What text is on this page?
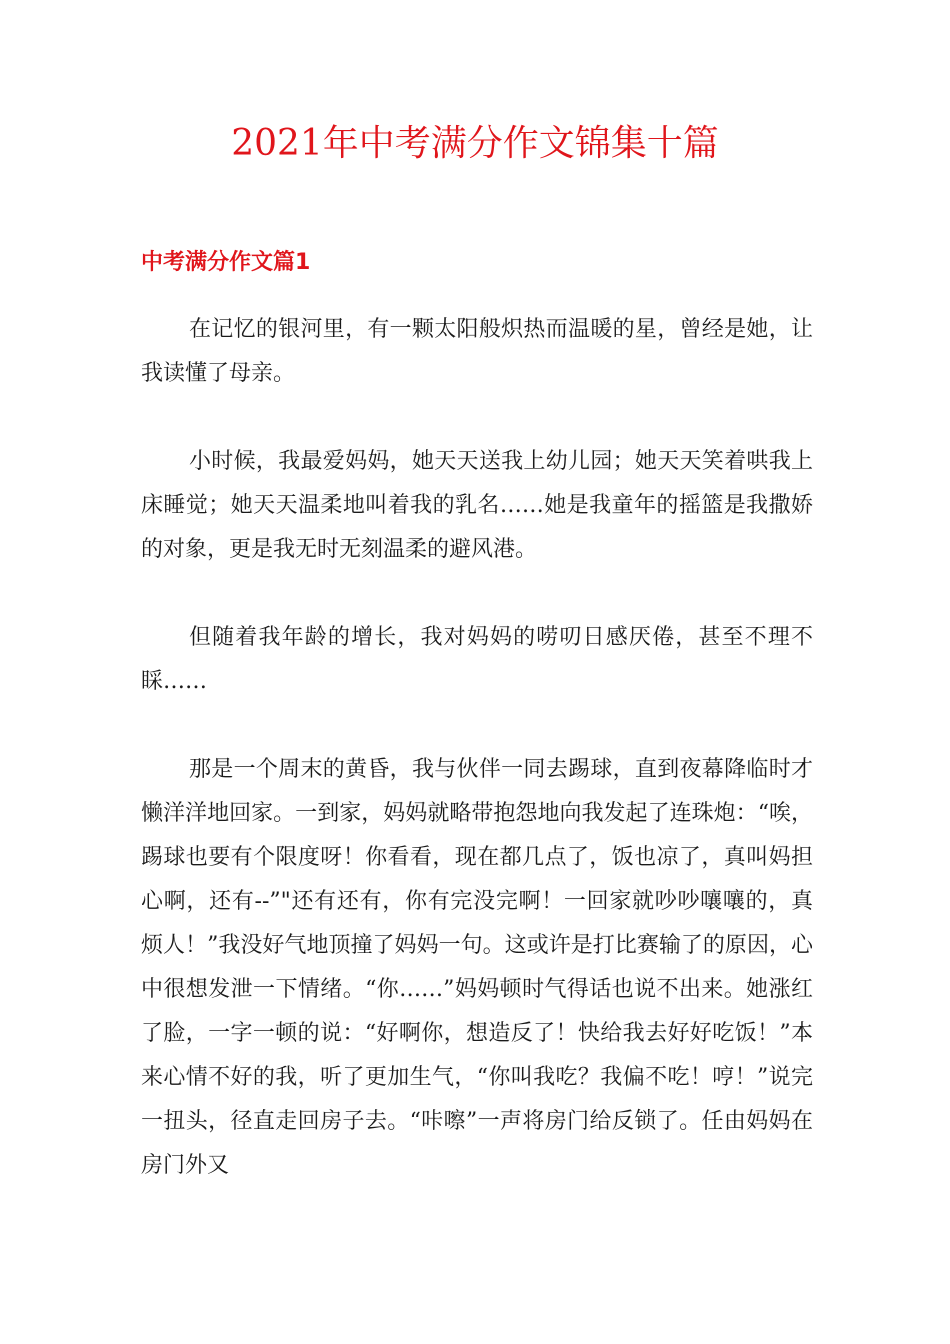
2021年中考满分作文锦集十篇
中考满分作文篇1

在记忆的银河里，有一颗太阳般炽热而温暖的星，曾经是她，让我读懂了母亲。

小时候，我最爱妈妈，她天天送我上幼儿园；她天天笑着哄我上床睡觉；她天天温柔地叫着我的乳名……她是我童年的摇篮是我撒娇的对象，更是我无时无刻温柔的避风港。

但随着我年龄的增长，我对妈妈的唠叨日感厌倦，甚至不理不睬……

那是一个周末的黄昏，我与伙伴一同去踢球，直到夜幕降临时才懒洋洋地回家。一到家，妈妈就略带抱怨地向我发起了连珠炮：“唉，踢球也要有个限度呀！你看看，现在都几点了，饭也凉了，真叫妈担心啊，还有--”"还有还有，你有完没完啊！一回家就吵吵嚷嚷的，真烦人！”我没好气地顶撞了妈妈一句。这或许是打比赛输了的原因，心中很想发泄一下情绪。“你……”妈妈顿时气得话也说不出来。她涨红了脸，一字一顿的说：“好啊你，想造反了！快给我去好好吃饭！”本来心情不好的我，听了更加生气，“你叫我吃？我偏不吃！哼！”说完一扭头，径直走回房子去。“咔嚓”一声将房门给反锁了。任由妈妈在房门外又
